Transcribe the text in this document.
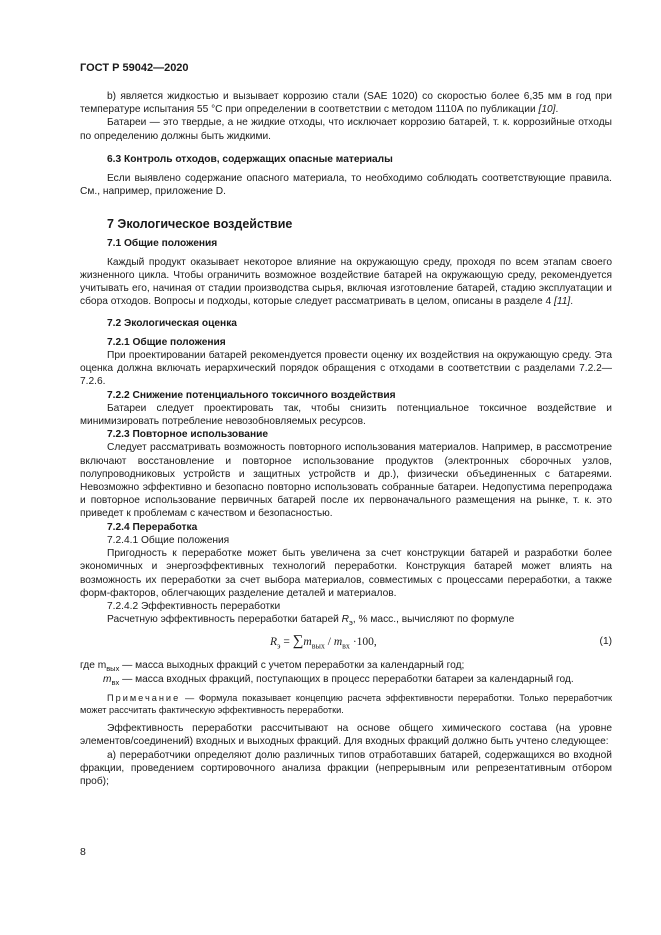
ГОСТ Р 59042—2020

b) является жидкостью и вызывает коррозию стали (SAE 1020) со скоростью более 6,35 мм в год при температуре испытания 55 °С при определении в соответствии с методом 1110А по публикации [10].

Батареи — это твердые, а не жидкие отходы, что исключает коррозию батарей, т. к. коррозийные отходы по определению должны быть жидкими.

6.3 Контроль отходов, содержащих опасные материалы

Если выявлено содержание опасного материала, то необходимо соблюдать соответствующие правила. См., например, приложение D.

7 Экологическое воздействие

7.1 Общие положения

Каждый продукт оказывает некоторое влияние на окружающую среду, проходя по всем этапам своего жизненного цикла. Чтобы ограничить возможное воздействие батарей на окружающую среду, рекомендуется учитывать его, начиная от стадии производства сырья, включая изготовление батарей, стадию эксплуатации и сбора отходов. Вопросы и подходы, которые следует рассматривать в целом, описаны в разделе 4 [11].

7.2 Экологическая оценка

7.2.1 Общие положения

При проектировании батарей рекомендуется провести оценку их воздействия на окружающую среду. Эта оценка должна включать иерархический порядок обращения с отходами в соответствии с разделами 7.2.2—7.2.6.

7.2.2 Снижение потенциального токсичного воздействия

Батареи следует проектировать так, чтобы снизить потенциальное токсичное воздействие и минимизировать потребление невозобновляемых ресурсов.

7.2.3 Повторное использование

Следует рассматривать возможность повторного использования материалов. Например, в рассмотрение включают восстановление и повторное использование продуктов (электронных сборочных узлов, полупроводниковых устройств и защитных устройств и др.), физически объединенных с батареями. Невозможно эффективно и безопасно повторно использовать собранные батареи. Недопустима перепродажа и повторное использование первичных батарей после их первоначального размещения на рынке, т. к. это приведет к проблемам с качеством и безопасностью.

7.2.4 Переработка

7.2.4.1 Общие положения

Пригодность к переработке может быть увеличена за счет конструкции батарей и разработки более экономичных и энергоэффективных технологий переработки. Конструкция батарей может влиять на возможность их переработки за счет выбора материалов, совместимых с процессами переработки, а также форм-факторов, облегчающих разделение деталей и материалов.

7.2.4.2 Эффективность переработки

Расчетную эффективность переработки батарей $R_э$, % масс., вычисляют по формуле

$R_э = \sum m_{вых} / m_{вх} \cdot 100$,	(1)
где $m_{вых}$ — масса выходных фракций с учетом переработки за календарный год;
$m_{вх}$ — масса входных фракций, поступающих в процесс переработки батареи за календарный год.

Примечание — Формула показывает концепцию расчета эффективности переработки. Только переработчик может рассчитать фактическую эффективность переработки.

Эффективность переработки рассчитывают на основе общего химического состава (на уровне элементов/соединений) входных и выходных фракций. Для входных фракций должно быть учтено следующее:

а) переработчики определяют долю различных типов отработавших батарей, содержащихся во входной фракции, проведением сортировочного анализа фракции (непрерывным или репрезентативным отбором проб);

8
